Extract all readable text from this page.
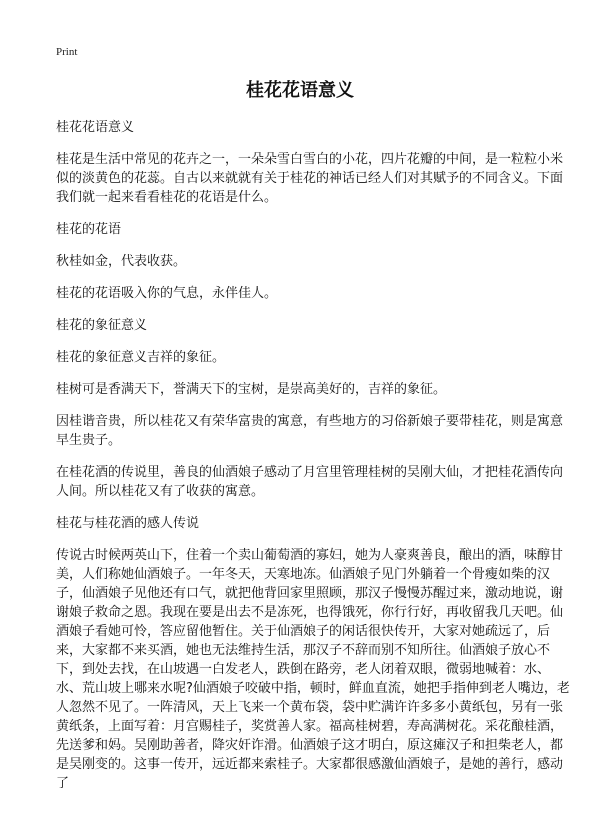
Print
桂花花语意义

桂花花语意义

桂花是生活中常见的花卉之一，一朵朵雪白雪白的小花，四片花瓣的中间，是一粒粒小米似的淡黄色的花蕊。自古以来就就有关于桂花的神话已经人们对其赋予的不同含义。下面我们就一起来看看桂花的花语是什么。

桂花的花语

秋桂如金，代表收获。

桂花的花语吸入你的气息，永伴佳人。

桂花的象征意义

桂花的象征意义吉祥的象征。

桂树可是香满天下，誉满天下的宝树，是崇高美好的，吉祥的象征。

因桂谐音贵，所以桂花又有荣华富贵的寓意，有些地方的习俗新娘子要带桂花，则是寓意早生贵子。

在桂花酒的传说里，善良的仙酒娘子感动了月宫里管理桂树的吴刚大仙，才把桂花酒传向人间。所以桂花又有了收获的寓意。

桂花与桂花酒的感人传说

传说古时候两英山下，住着一个卖山葡萄酒的寡妇，她为人豪爽善良，酿出的酒，味醇甘美，人们称她仙酒娘子。一年冬天，天寒地冻。仙酒娘子见门外躺着一个骨瘦如柴的汉子，仙酒娘子见他还有口气，就把他背回家里照顾，那汉子慢慢苏醒过来，激动地说，谢谢娘子救命之恩。我现在要是出去不是冻死，也得饿死，你行行好，再收留我几天吧。仙酒娘子看她可怜，答应留他暂住。关于仙酒娘子的闲话很快传开，大家对她疏远了，后来，大家都不来买酒，她也无法维持生活，那汉子不辞而别不知所往。仙酒娘子放心不下，到处去找，在山坡遇一白发老人，跌倒在路旁，老人闭着双眼，微弱地喊着：水、水、荒山坡上哪来水呢?仙酒娘子咬破中指，顿时，鲜血直流，她把手指伸到老人嘴边，老人忽然不见了。一阵清风，天上飞来一个黄布袋，袋中贮满许许多多小黄纸包，另有一张黄纸条，上面写着：月宫赐桂子，奖赏善人家。福高桂树碧，寿高满树花。采花酿桂酒，先送爹和妈。吴刚助善者，降灾奸诈滑。仙酒娘子这才明白，原这瘫汉子和担柴老人，都是吴刚变的。这事一传开，远近都来索桂子。大家都很感激仙酒娘子，是她的善行，感动了
